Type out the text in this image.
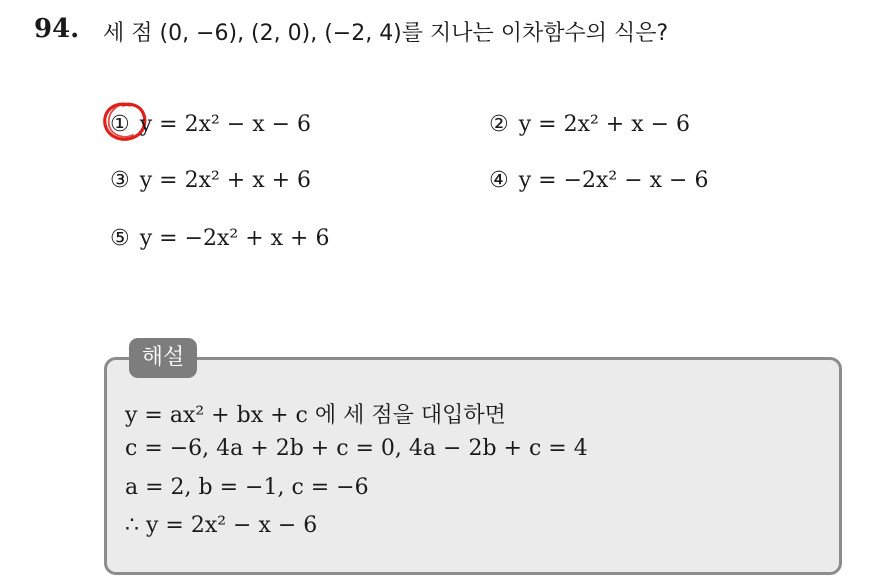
94. 세 점 (0, −6), (2, 0), (−2, 4)를 지나는 이차함수의 식은?
① y = 2x² − x − 6	② y = 2x² + x − 6
③ y = 2x² + x + 6	④ y = −2x² − x − 6
⑤ y = −2x² + x + 6
해설
y = ax² + bx + c 에 세 점을 대입하면
c = −6, 4a + 2b + c = 0, 4a − 2b + c = 4
a = 2, b = −1, c = −6
∴ y = 2x² − x − 6
